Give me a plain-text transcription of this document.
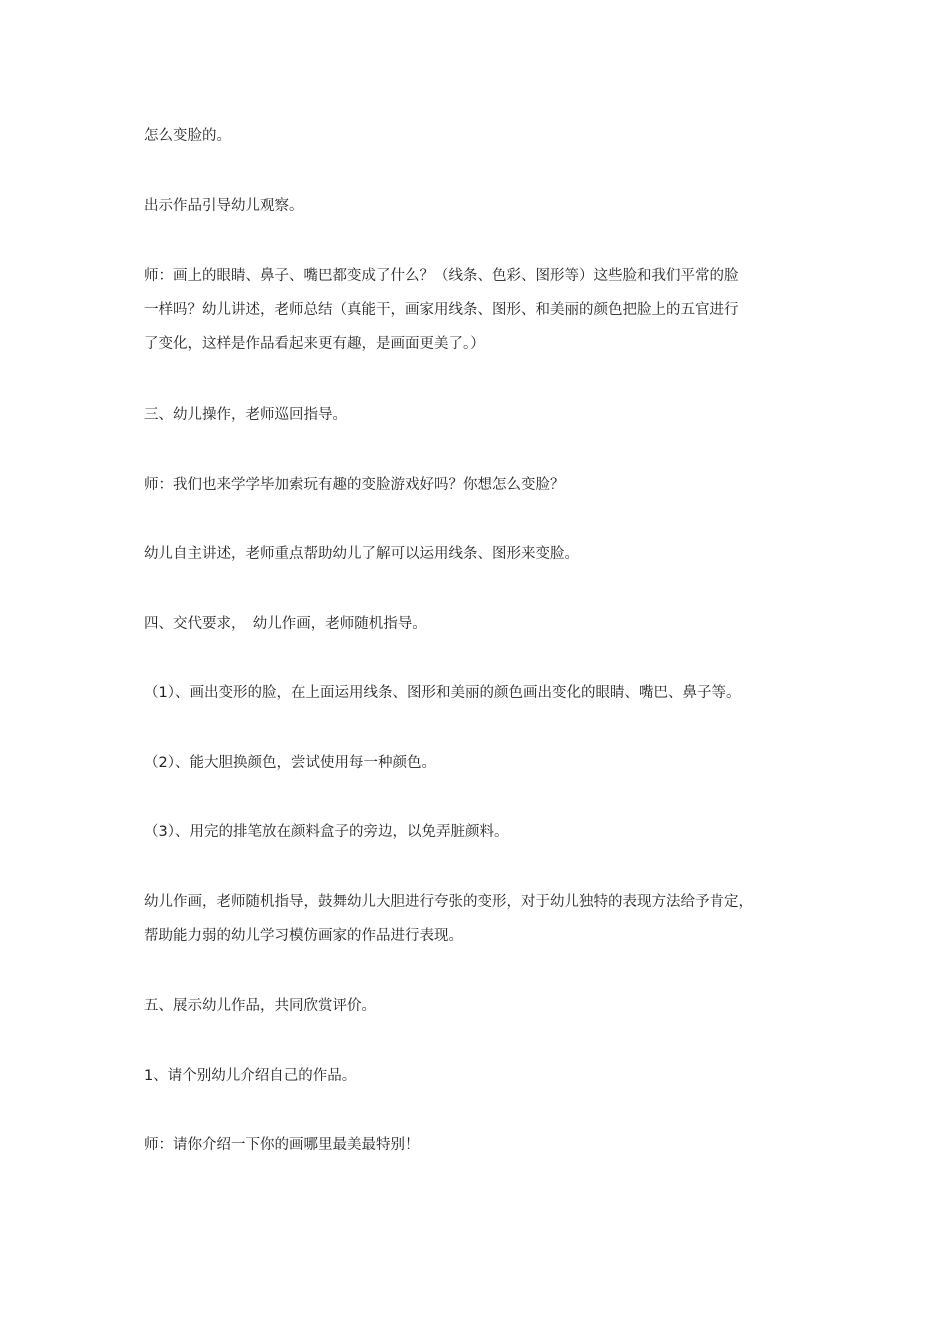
怎么变脸的。

出示作品引导幼儿观察。

师：画上的眼睛、鼻子、嘴巴都变成了什么？（线条、色彩、图形等）这些脸和我们平常的脸
一样吗？幼儿讲述，老师总结（真能干，画家用线条、图形、和美丽的颜色把脸上的五官进行
了变化，这样是作品看起来更有趣，是画面更美了。）

三、幼儿操作，老师巡回指导。

师：我们也来学学毕加索玩有趣的变脸游戏好吗？你想怎么变脸？

幼儿自主讲述，老师重点帮助幼儿了解可以运用线条、图形来变脸。

四、交代要求，　幼儿作画，老师随机指导。

（1）、画出变形的脸，在上面运用线条、图形和美丽的颜色画出变化的眼睛、嘴巴、鼻子等。

（2）、能大胆换颜色，尝试使用每一种颜色。

（3）、用完的排笔放在颜料盒子的旁边，以免弄脏颜料。

幼儿作画，老师随机指导，鼓舞幼儿大胆进行夸张的变形，对于幼儿独特的表现方法给予肯定，
帮助能力弱的幼儿学习模仿画家的作品进行表现。

五、展示幼儿作品，共同欣赏评价。

1、请个别幼儿介绍自己的作品。

师：请你介绍一下你的画哪里最美最特别！
